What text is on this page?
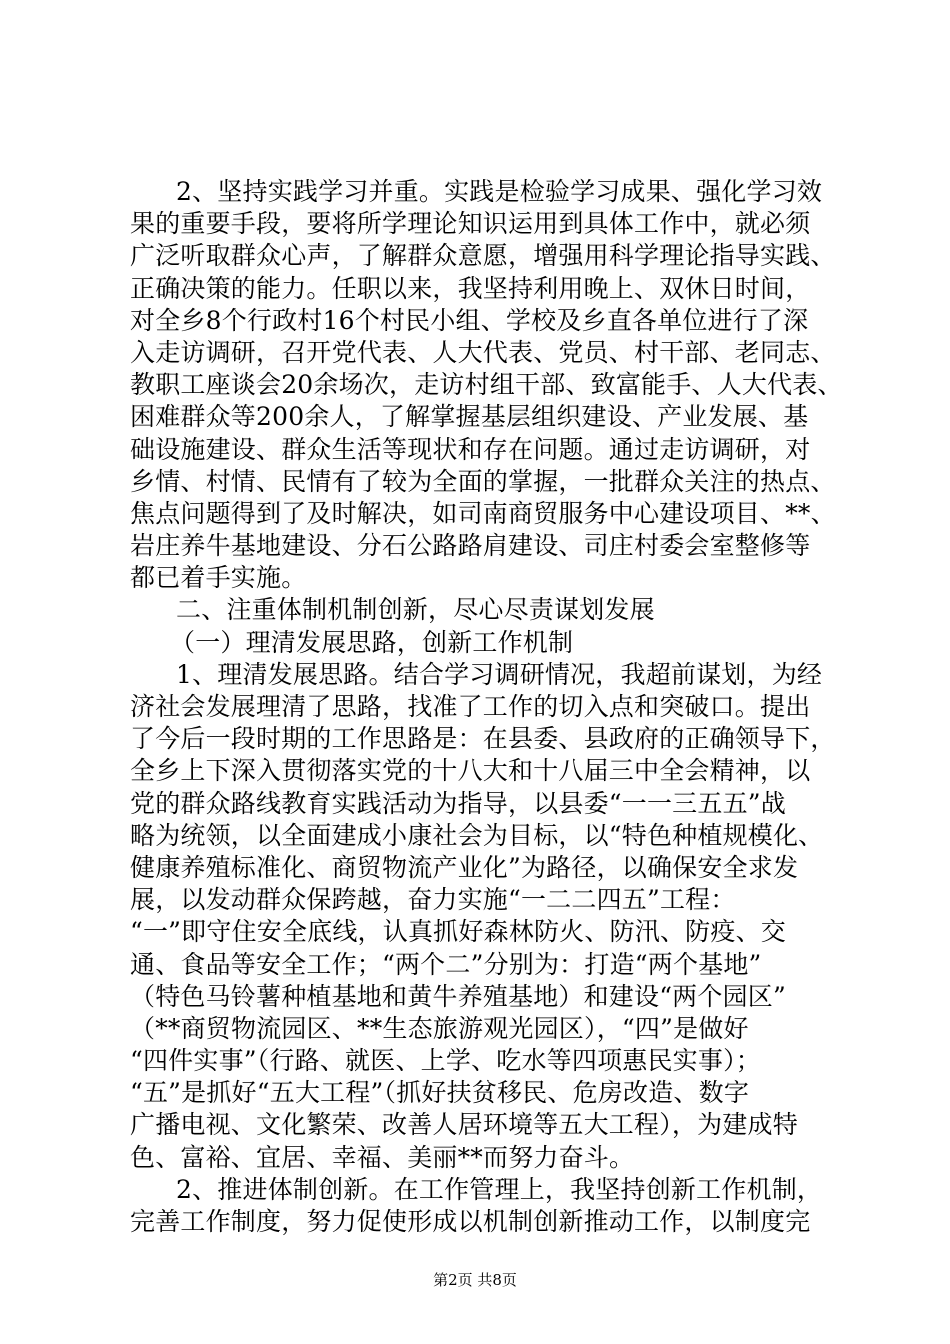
2、坚持实践学习并重。实践是检验学习成果、强化学习效
果的重要手段，要将所学理论知识运用到具体工作中，就必须
广泛听取群众心声，了解群众意愿，增强用科学理论指导实践、
正确决策的能力。任职以来，我坚持利用晚上、双休日时间，
对全乡8个行政村16个村民小组、学校及乡直各单位进行了深
入走访调研，召开党代表、人大代表、党员、村干部、老同志、
教职工座谈会20余场次，走访村组干部、致富能手、人大代表、
困难群众等200余人，了解掌握基层组织建设、产业发展、基
础设施建设、群众生活等现状和存在问题。通过走访调研，对
乡情、村情、民情有了较为全面的掌握，一批群众关注的热点、
焦点问题得到了及时解决，如司南商贸服务中心建设项目、**、
岩庄养牛基地建设、分石公路路肩建设、司庄村委会室整修等
都已着手实施。
二、注重体制机制创新，尽心尽责谋划发展
（一）理清发展思路，创新工作机制
1、理清发展思路。结合学习调研情况，我超前谋划，为经
济社会发展理清了思路，找准了工作的切入点和突破口。提出
了今后一段时期的工作思路是：在县委、县政府的正确领导下，
全乡上下深入贯彻落实党的十八大和十八届三中全会精神，以
党的群众路线教育实践活动为指导，以县委“一一三五五”战
略为统领，以全面建成小康社会为目标，以“特色种植规模化、
健康养殖标准化、商贸物流产业化”为路径，以确保安全求发
展，以发动群众保跨越，奋力实施“一二二四五”工程：
“一”即守住安全底线，认真抓好森林防火、防汛、防疫、交
通、食品等安全工作；“两个二”分别为：打造“两个基地”
（特色马铃薯种植基地和黄牛养殖基地）和建设“两个园区”
（**商贸物流园区、**生态旅游观光园区），“四”是做好
“四件实事”（行路、就医、上学、吃水等四项惠民实事）；
“五”是抓好“五大工程”（抓好扶贫移民、危房改造、数字
广播电视、文化繁荣、改善人居环境等五大工程），为建成特
色、富裕、宜居、幸福、美丽**而努力奋斗。
2、推进体制创新。在工作管理上，我坚持创新工作机制，
完善工作制度，努力促使形成以机制创新推动工作，以制度完
第2页 共8页
